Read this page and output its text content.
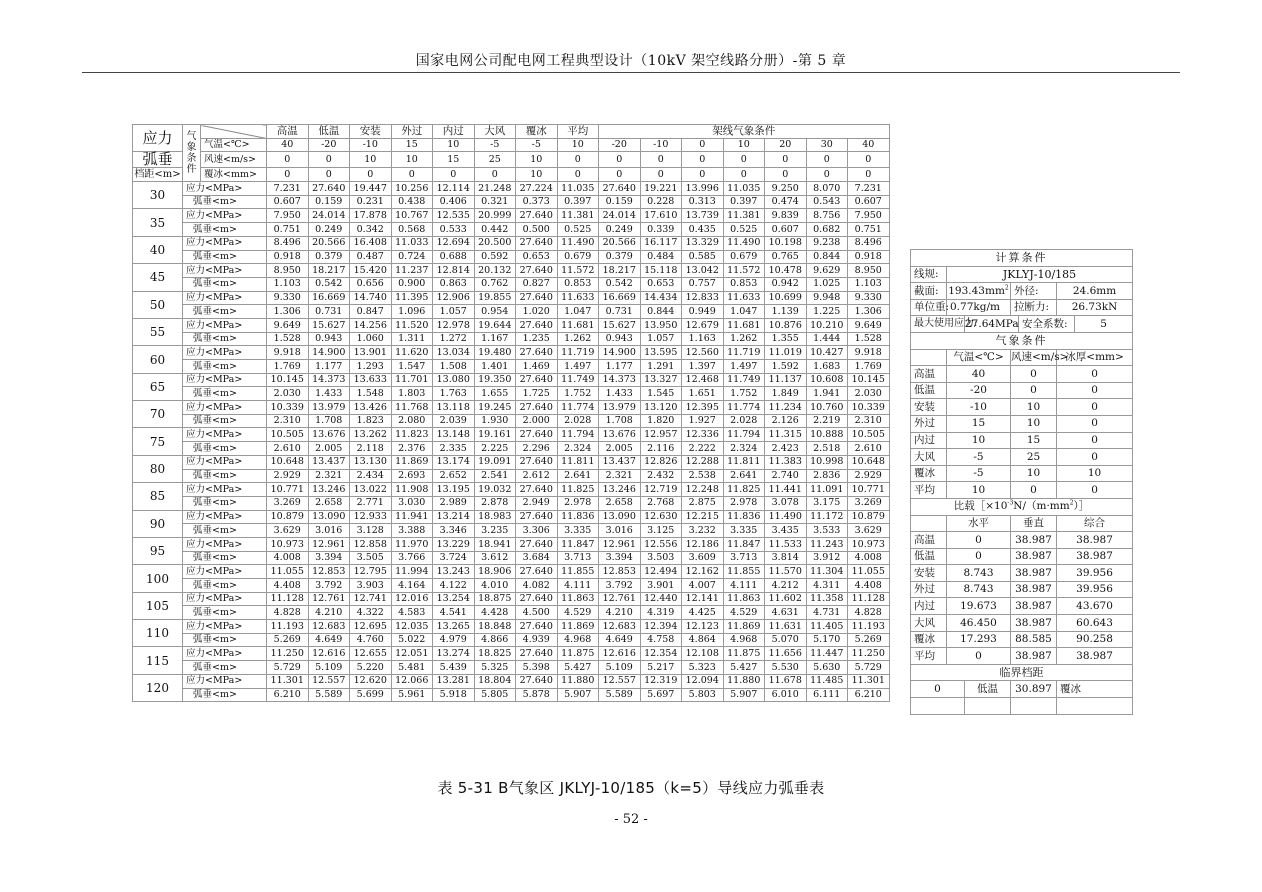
国家电网公司配电网工程典型设计（10kV 架空线路分册）-第 5 章
应力	气象条件		高温	低温	安装	外过	内过	大风	覆冰	平均	架线气象条件						
		气温<℃>	40	-20	-10	15	10	-5	-5	10	-20	-10	0	10	20	30	40
弧垂		风速<m/s>	0	0	10	10	15	25	10	0	0	0	0	0	0	0	0
档距<m>		覆冰<mm>	0	0	0	0	0	0	10	0	0	0	0	0	0	0	0
30	应力<MPa>		7.231	27.640	19.447	10.256	12.114	21.248	27.224	11.035	27.640	19.221	13.996	11.035	9.250	8.070	7.231
	弧垂<m>		0.607	0.159	0.231	0.438	0.406	0.321	0.373	0.397	0.159	0.228	0.313	0.397	0.474	0.543	0.607
35	应力<MPa>		7.950	24.014	17.878	10.767	12.535	20.999	27.640	11.381	24.014	17.610	13.739	11.381	9.839	8.756	7.950
	弧垂<m>		0.751	0.249	0.342	0.568	0.533	0.442	0.500	0.525	0.249	0.339	0.435	0.525	0.607	0.682	0.751
40	应力<MPa>		8.496	20.566	16.408	11.033	12.694	20.500	27.640	11.490	20.566	16.117	13.329	11.490	10.198	9.238	8.496
	弧垂<m>		0.918	0.379	0.487	0.724	0.688	0.592	0.653	0.679	0.379	0.484	0.585	0.679	0.765	0.844	0.918
45	应力<MPa>		8.950	18.217	15.420	11.237	12.814	20.132	27.640	11.572	18.217	15.118	13.042	11.572	10.478	9.629	8.950
	弧垂<m>		1.103	0.542	0.656	0.900	0.863	0.762	0.827	0.853	0.542	0.653	0.757	0.853	0.942	1.025	1.103
50	应力<MPa>		9.330	16.669	14.740	11.395	12.906	19.855	27.640	11.633	16.669	14.434	12.833	11.633	10.699	9.948	9.330
	弧垂<m>		1.306	0.731	0.847	1.096	1.057	0.954	1.020	1.047	0.731	0.844	0.949	1.047	1.139	1.225	1.306
55	应力<MPa>		9.649	15.627	14.256	11.520	12.978	19.644	27.640	11.681	15.627	13.950	12.679	11.681	10.876	10.210	9.649
	弧垂<m>		1.528	0.943	1.060	1.311	1.272	1.167	1.235	1.262	0.943	1.057	1.163	1.262	1.355	1.444	1.528
60	应力<MPa>		9.918	14.900	13.901	11.620	13.034	19.480	27.640	11.719	14.900	13.595	12.560	11.719	11.019	10.427	9.918
	弧垂<m>		1.769	1.177	1.293	1.547	1.508	1.401	1.469	1.497	1.177	1.291	1.397	1.497	1.592	1.683	1.769
65	应力<MPa>		10.145	14.373	13.633	11.701	13.080	19.350	27.640	11.749	14.373	13.327	12.468	11.749	11.137	10.608	10.145
	弧垂<m>		2.030	1.433	1.548	1.803	1.763	1.655	1.725	1.752	1.433	1.545	1.651	1.752	1.849	1.941	2.030
70	应力<MPa>		10.339	13.979	13.426	11.768	13.118	19.245	27.640	11.774	13.979	13.120	12.395	11.774	11.234	10.760	10.339
	弧垂<m>		2.310	1.708	1.823	2.080	2.039	1.930	2.000	2.028	1.708	1.820	1.927	2.028	2.126	2.219	2.310
75	应力<MPa>		10.505	13.676	13.262	11.823	13.148	19.161	27.640	11.794	13.676	12.957	12.336	11.794	11.315	10.888	10.505
	弧垂<m>		2.610	2.005	2.118	2.376	2.335	2.225	2.296	2.324	2.005	2.116	2.222	2.324	2.423	2.518	2.610
80	应力<MPa>		10.648	13.437	13.130	11.869	13.174	19.091	27.640	11.811	13.437	12.826	12.288	11.811	11.383	10.998	10.648
	弧垂<m>		2.929	2.321	2.434	2.693	2.652	2.541	2.612	2.641	2.321	2.432	2.538	2.641	2.740	2.836	2.929
85	应力<MPa>		10.771	13.246	13.022	11.908	13.195	19.032	27.640	11.825	13.246	12.719	12.248	11.825	11.441	11.091	10.771
	弧垂<m>		3.269	2.658	2.771	3.030	2.989	2.878	2.949	2.978	2.658	2.768	2.875	2.978	3.078	3.175	3.269
90	应力<MPa>		10.879	13.090	12.933	11.941	13.214	18.983	27.640	11.836	13.090	12.630	12.215	11.836	11.490	11.172	10.879
	弧垂<m>		3.629	3.016	3.128	3.388	3.346	3.235	3.306	3.335	3.016	3.125	3.232	3.335	3.435	3.533	3.629
95	应力<MPa>		10.973	12.961	12.858	11.970	13.229	18.941	27.640	11.847	12.961	12.556	12.186	11.847	11.533	11.243	10.973
	弧垂<m>		4.008	3.394	3.505	3.766	3.724	3.612	3.684	3.713	3.394	3.503	3.609	3.713	3.814	3.912	4.008
100	应力<MPa>		11.055	12.853	12.795	11.994	13.243	18.906	27.640	11.855	12.853	12.494	12.162	11.855	11.570	11.304	11.055
	弧垂<m>		4.408	3.792	3.903	4.164	4.122	4.010	4.082	4.111	3.792	3.901	4.007	4.111	4.212	4.311	4.408
105	应力<MPa>		11.128	12.761	12.741	12.016	13.254	18.875	27.640	11.863	12.761	12.440	12.141	11.863	11.602	11.358	11.128
	弧垂<m>		4.828	4.210	4.322	4.583	4.541	4.428	4.500	4.529	4.210	4.319	4.425	4.529	4.631	4.731	4.828
110	应力<MPa>		11.193	12.683	12.695	12.035	13.265	18.848	27.640	11.869	12.683	12.394	12.123	11.869	11.631	11.405	11.193
	弧垂<m>		5.269	4.649	4.760	5.022	4.979	4.866	4.939	4.968	4.649	4.758	4.864	4.968	5.070	5.170	5.269
115	应力<MPa>		11.250	12.616	12.655	12.051	13.274	18.825	27.640	11.875	12.616	12.354	12.108	11.875	11.656	11.447	11.250
	弧垂<m>		5.729	5.109	5.220	5.481	5.439	5.325	5.398	5.427	5.109	5.217	5.323	5.427	5.530	5.630	5.729
120	应力<MPa>		11.301	12.557	12.620	12.066	13.281	18.804	27.640	11.880	12.557	12.319	12.094	11.880	11.678	11.485	11.301
	弧垂<m>		6.210	5.589	5.699	5.961	5.918	5.805	5.878	5.907	5.589	5.697	5.803	5.907	6.010	6.111	6.210
计算条件						
线规:	JKLYJ-10/185					
截面:	$193.43mm^2$		外径:		24.6mm	
单位重:	0.77kg/m		拉断力:		26.73kN	
最大使用应力:		27.64MPa		安全系数:		5
气象条件						
	气温<℃>		风速<m/s>		冰厚<mm>	
高温	40		0		0	
低温	-20		0		0	
安装	-10		10		0	
外过	15		10		0	
内过	10		15		0	
大风	-5		25		0	
覆冰	-5		10		10	
平均	10		0		0	
比载$[\times 10^{-3}N/(m\cdot mm^2)]$						
	水平		垂直		综合	
高温	0		38.987		38.987	
低温	0		38.987		38.987	
安装	8.743		38.987		39.956	
外过	8.743		38.987		39.956	
内过	19.673		38.987		43.670	
大风	46.450		38.987		60.643	
覆冰	17.293		88.585		90.258	
平均	0		38.987		38.987	
临界档距						
0		低温	30.897		覆冰	

表 5-31 B气象区 JKLYJ-10/185（k=5）导线应力弧垂表
- 52 -
